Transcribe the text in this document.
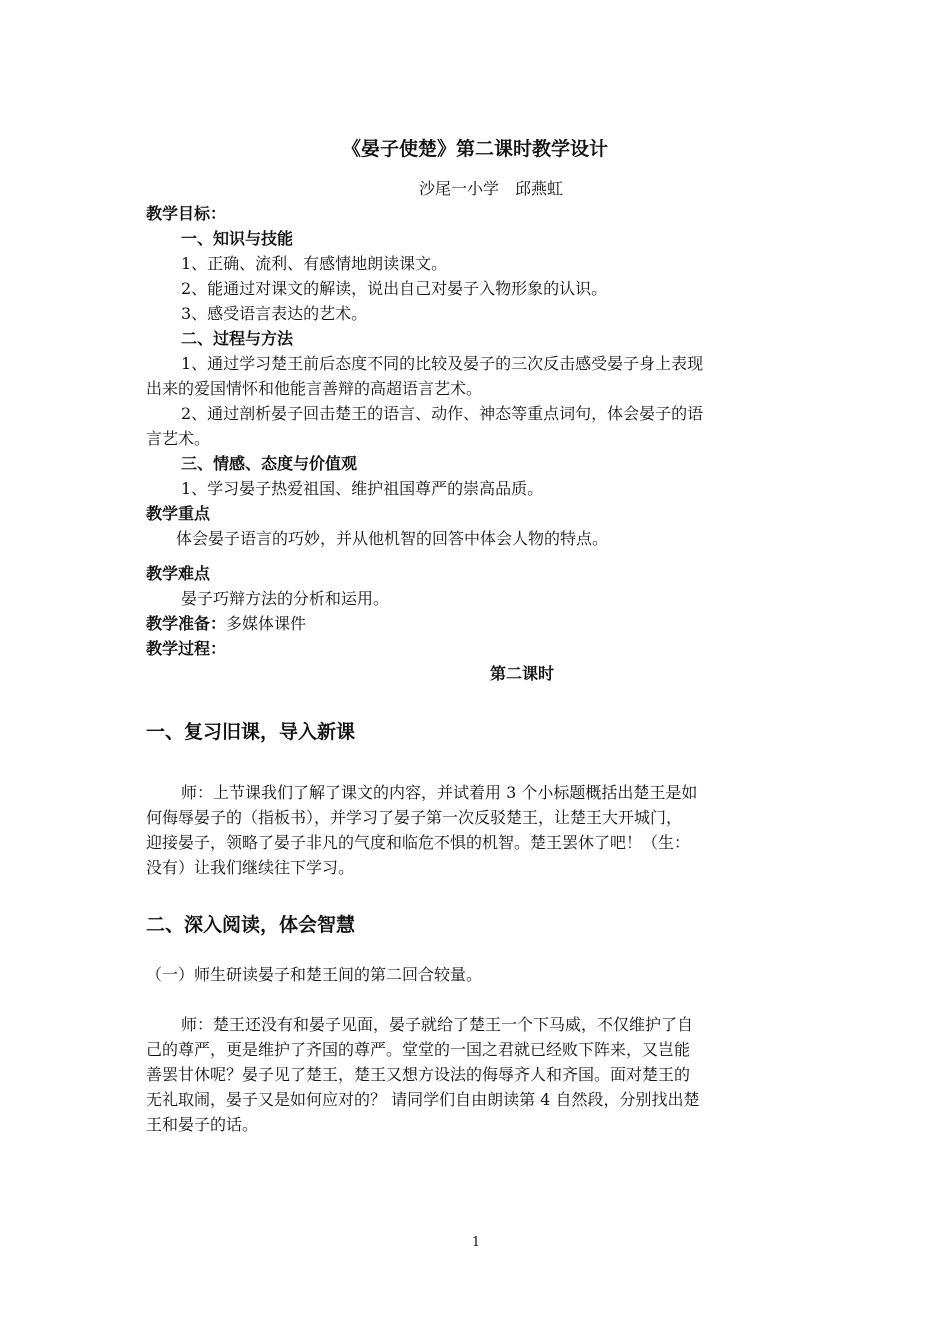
《晏子使楚》第二课时教学设计
沙尾一小学　邱燕虹
教学目标：
一、知识与技能
1、正确、流利、有感情地朗读课文。
2、能通过对课文的解读，说出自己对晏子入物形象的认识。
3、感受语言表达的艺术。
二、过程与方法
1、通过学习楚王前后态度不同的比较及晏子的三次反击感受晏子身上表现
出来的爱国情怀和他能言善辩的高超语言艺术。
2、通过剖析晏子回击楚王的语言、动作、神态等重点词句，体会晏子的语
言艺术。
三、情感、态度与价值观
1、学习晏子热爱祖国、维护祖国尊严的崇高品质。
教学重点
体会晏子语言的巧妙，并从他机智的回答中体会人物的特点。
教学难点
晏子巧辩方法的分析和运用。
教学准备：多媒体课件
教学过程：
第二课时
一、复习旧课，导入新课
师：上节课我们了解了课文的内容，并试着用 3 个小标题概括出楚王是如
何侮辱晏子的（指板书），并学习了晏子第一次反驳楚王，让楚王大开城门，
迎接晏子，领略了晏子非凡的气度和临危不惧的机智。楚王罢休了吧！（生：
没有）让我们继续往下学习。
二、深入阅读，体会智慧
（一）师生研读晏子和楚王间的第二回合较量。
师：楚王还没有和晏子见面，晏子就给了楚王一个下马威，不仅维护了自
己的尊严，更是维护了齐国的尊严。堂堂的一国之君就已经败下阵来，又岂能
善罢甘休呢？晏子见了楚王，楚王又想方设法的侮辱齐人和齐国。面对楚王的
无礼取闹，晏子又是如何应对的？ 请同学们自由朗读第 4 自然段，分别找出楚
王和晏子的话。
1
